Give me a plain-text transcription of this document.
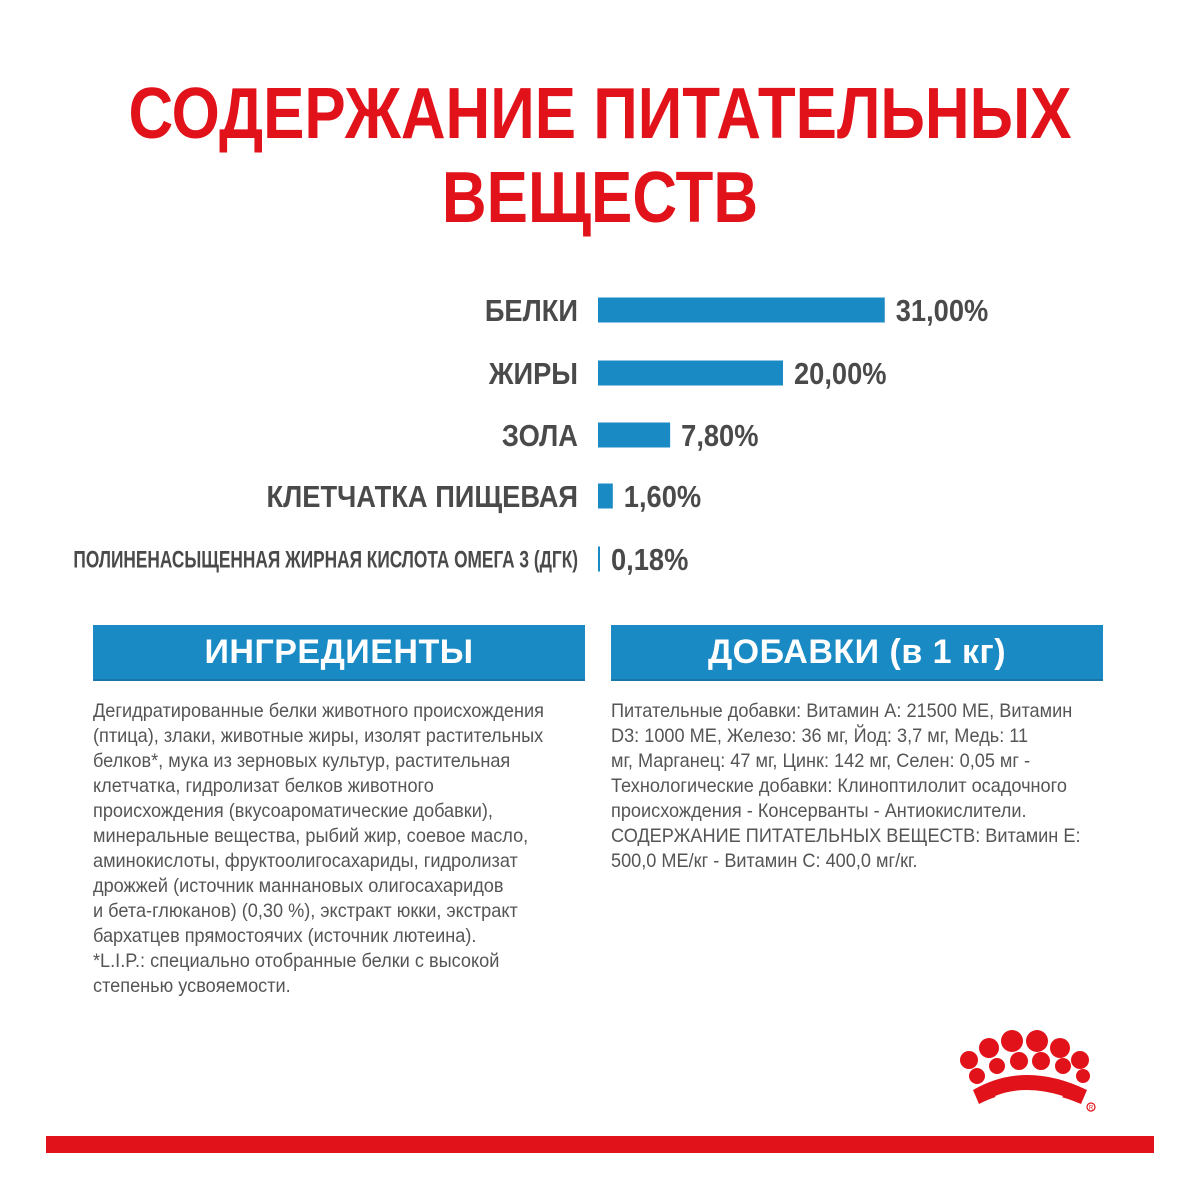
СОДЕРЖАНИЕ ПИТАТЕЛЬНЫХ
ВЕЩЕСТВ
БЕЛКИ	31,00%
ЖИРЫ	20,00%
ЗОЛА	7,80%
КЛЕТЧАТКА ПИЩЕВАЯ 1,60%
ПОЛИНЕНАСЫЩЕННАЯ ЖИРНАЯ КИСЛОТА ОМЕГА 3 (ДГК) 0,18%
ИНГРЕДИЕНТЫ
Дегидратированные белки животного происхождения
(птица), злаки, животные жиры, изолят растительных
белков*, мука из зерновых культур, растительная
клетчатка, гидролизат белков животного
происхождения (вкусоароматические добавки),
минеральные вещества, рыбий жир, соевое масло,
аминокислоты, фруктоолигосахариды, гидролизат
дрожжей (источник маннановых олигосахаридов
и бета-глюканов) (0,30 %), экстракт юкки, экстракт
бархатцев прямостоячих (источник лютеина).
*L.I.P.: специально отобранные белки с высокой
степенью усвояемости.
ДОБАВКИ (в 1 кг)
Питательные добавки: Витамин А: 21500 МЕ, Витамин
D3: 1000 МЕ, Железо: 36 мг, Йод: 3,7 мг, Медь: 11
мг, Марганец: 47 мг, Цинк: 142 мг, Селен: 0,05 мг -
Технологические добавки: Клиноптилолит осадочного
происхождения - Консерванты - Антиокислители.
СОДЕРЖАНИЕ ПИТАТЕЛЬНЫХ ВЕЩЕСТВ: Витамин Е:
500,0 МЕ/кг - Витамин С: 400,0 мг/кг.
R
